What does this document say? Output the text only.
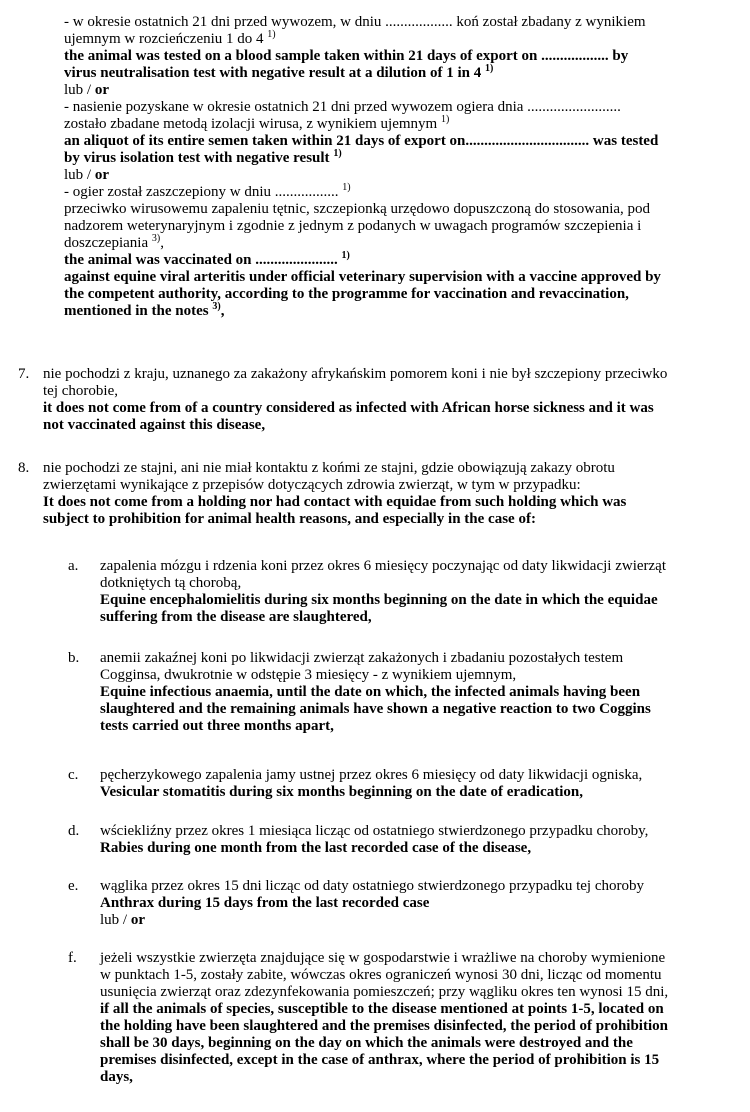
- w okresie ostatnich 21 dni przed wywozem, w dniu .................. koń został zbadany z wynikiem
ujemnym w rozcieńczeniu 1 do 4 $^{1)}$
the animal was tested on a blood sample taken within 21 days of export on .................. by
virus neutralisation test with negative result at a dilution of 1 in 4 $^{1)}$
lub / or
- nasienie pozyskane w okresie ostatnich 21 dni przed wywozem ogiera dnia .........................
zostało zbadane metodą izolacji wirusa, z wynikiem ujemnym $^{1)}$
an aliquot of its entire semen taken within 21 days of export on................................. was tested
by virus isolation test with negative result $^{1)}$
lub / or
- ogier został zaszczepiony w dniu ................. $^{1)}$
przeciwko wirusowemu zapaleniu tętnic, szczepionką urzędowo dopuszczoną do stosowania, pod
nadzorem weterynaryjnym i zgodnie z jednym z podanych w uwagach programów szczepienia i
doszczepiania $^{3)}$,
the animal was vaccinated on ...................... $^{1)}$
against equine viral arteritis under official veterinary supervision with a vaccine approved by
the competent authority, according to the programme for vaccination and revaccination,
mentioned in the notes $^{3)}$,
7. nie pochodzi z kraju, uznanego za zakażony afrykańskim pomorem koni i nie był szczepiony przeciwko
tej chorobie,
it does not come from of a country considered as infected with African horse sickness and it was
not vaccinated against this disease,
8. nie pochodzi ze stajni, ani nie miał kontaktu z końmi ze stajni, gdzie obowiązują zakazy obrotu
zwierzętami wynikające z przepisów dotyczących zdrowia zwierząt, w tym w przypadku:
It does not come from a holding nor had contact with equidae from such holding which was
subject to prohibition for animal health reasons, and especially in the case of:
a. zapalenia mózgu i rdzenia koni przez okres 6 miesięcy poczynając od daty likwidacji zwierząt
dotkniętych tą chorobą,
Equine encephalomielitis during six months beginning on the date in which the equidae
suffering from the disease are slaughtered,
b. anemii zakaźnej koni po likwidacji zwierząt zakażonych i zbadaniu pozostałych testem
Cogginsa, dwukrotnie w odstępie 3 miesięcy - z wynikiem ujemnym,
Equine infectious anaemia, until the date on which, the infected animals having been
slaughtered and the remaining animals have shown a negative reaction to two Coggins
tests carried out three months apart,
c. pęcherzykowego zapalenia jamy ustnej przez okres 6 miesięcy od daty likwidacji ogniska,
Vesicular stomatitis during six months beginning on the date of eradication,
d. wściekliźny przez okres 1 miesiąca licząc od ostatniego stwierdzonego przypadku choroby,
Rabies during one month from the last recorded case of the disease,
e. wąglika przez okres 15 dni licząc od daty ostatniego stwierdzonego przypadku tej choroby
Anthrax during 15 days from the last recorded case
lub / or
f. jeżeli wszystkie zwierzęta znajdujące się w gospodarstwie i wrażliwe na choroby wymienione
w punktach 1-5, zostały zabite, wówczas okres ograniczeń wynosi 30 dni, licząc od momentu
usunięcia zwierząt oraz zdezynfekowania pomieszczeń; przy wągliku okres ten wynosi 15 dni,
if all the animals of species, susceptible to the disease mentioned at points 1-5, located on
the holding have been slaughtered and the premises disinfected, the period of prohibition
shall be 30 days, beginning on the day on which the animals were destroyed and the
premises disinfected, except in the case of anthrax, where the period of prohibition is 15
days,
